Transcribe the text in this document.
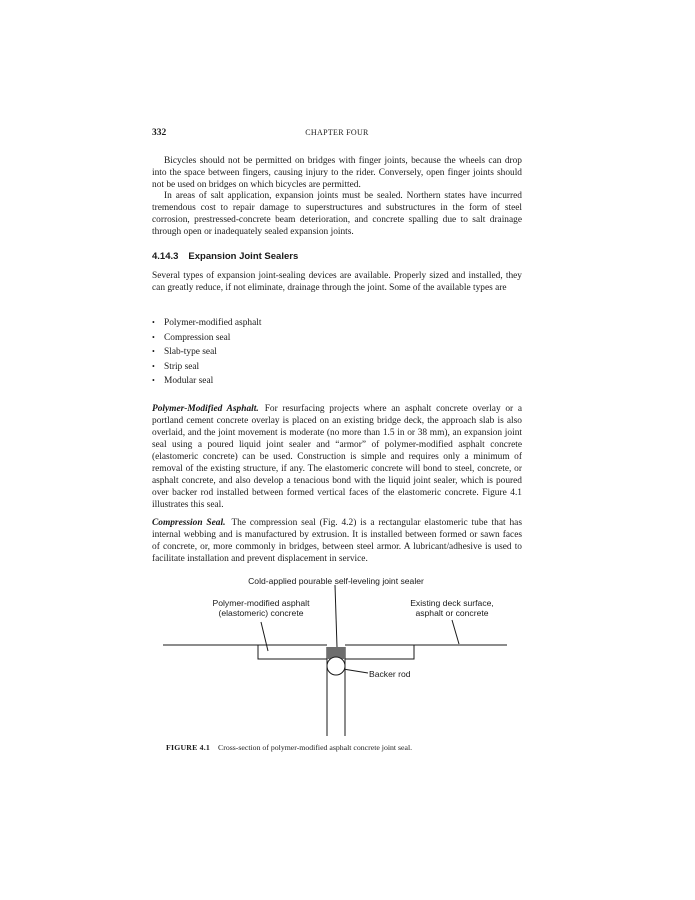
332	CHAPTER FOUR

Bicycles should not be permitted on bridges with finger joints, because the wheels can drop into the space between fingers, causing injury to the rider. Conversely, open finger joints should not be used on bridges on which bicycles are permitted.

In areas of salt application, expansion joints must be sealed. Northern states have incurred tremendous cost to repair damage to superstructures and substructures in the form of steel corrosion, prestressed-concrete beam deterioration, and concrete spalling due to salt drainage through open or inadequately sealed expansion joints.

4.14.3 Expansion Joint Sealers

Several types of expansion joint-sealing devices are available. Properly sized and installed, they can greatly reduce, if not eliminate, drainage through the joint. Some of the available types are

• Polymer-modified asphalt
• Compression seal
• Slab-type seal
• Strip seal
• Modular seal

Polymer-Modified Asphalt. For resurfacing projects where an asphalt concrete overlay or a portland cement concrete overlay is placed on an existing bridge deck, the approach slab is also overlaid, and the joint movement is moderate (no more than 1.5 in or 38 mm), an expansion joint seal using a poured liquid joint sealer and “armor” of polymer-modified asphalt concrete (elastomeric concrete) can be used. Construction is simple and requires only a minimum of removal of the existing structure, if any. The elastomeric concrete will bond to steel, concrete, or asphalt concrete, and also develop a tenacious bond with the liquid joint sealer, which is poured over backer rod installed between formed vertical faces of the elastomeric concrete. Figure 4.1 illustrates this seal.

Compression Seal. The compression seal (Fig. 4.2) is a rectangular elastomeric tube that has internal webbing and is manufactured by extrusion. It is installed between formed or sawn faces of concrete, or, more commonly in bridges, between steel armor. A lubricant/adhesive is used to facilitate installation and prevent displacement in service.

Cold-applied pourable self-leveling joint sealer
Polymer-modified asphalt
(elastomeric) concrete
Existing deck surface,
asphalt or concrete
Backer rod
FIGURE 4.1 Cross-section of polymer-modified asphalt concrete joint seal.
